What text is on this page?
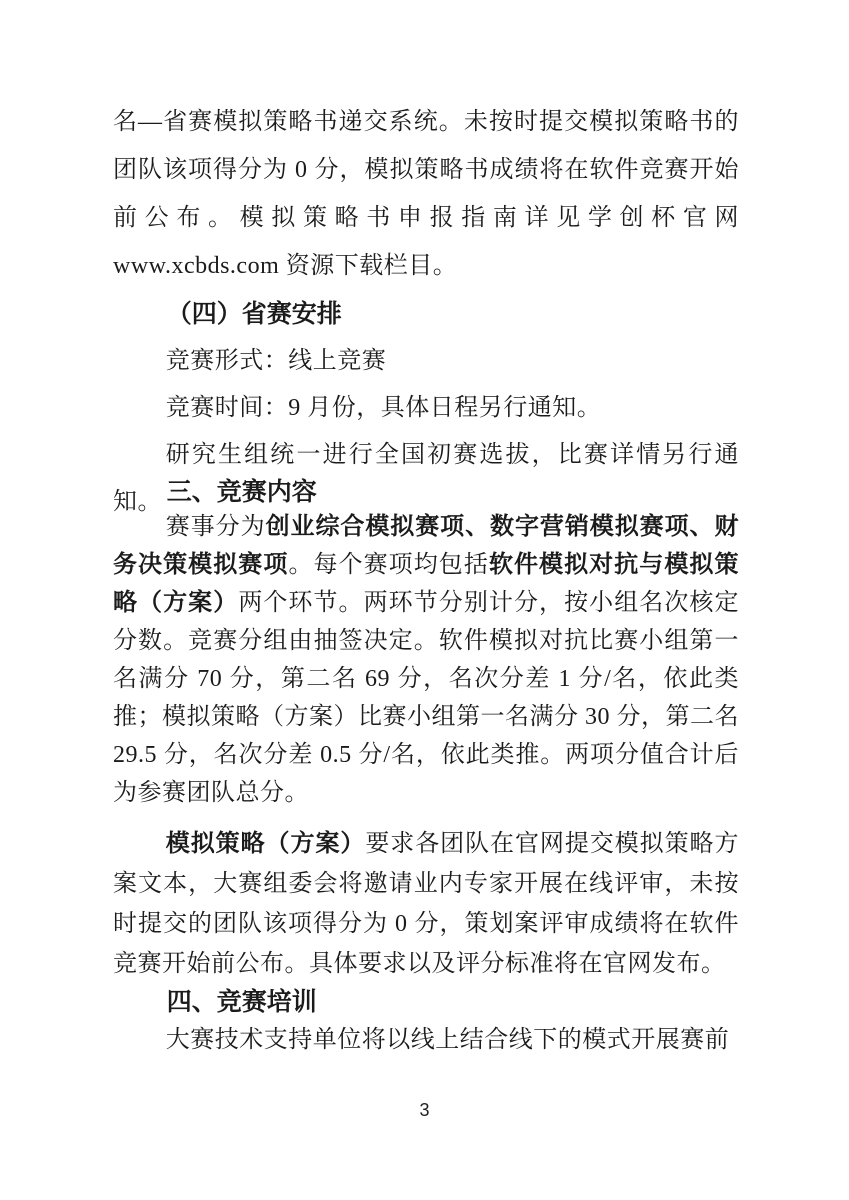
名—省赛模拟策略书递交系统。未按时提交模拟策略书的团队该项得分为 0 分，模拟策略书成绩将在软件竞赛开始前公布。模拟策略书申报指南详见学创杯官网 www.xcbds.com 资源下载栏目。

（四）省赛安排

竞赛形式：线上竞赛

竞赛时间：9 月份，具体日程另行通知。

研究生组统一进行全国初赛选拔，比赛详情另行通知。 三、竞赛内容

赛事分为创业综合模拟赛项、数字营销模拟赛项、财务决策模拟赛项。每个赛项均包括软件模拟对抗与模拟策略（方案）两个环节。两环节分别计分，按小组名次核定分数。竞赛分组由抽签决定。软件模拟对抗比赛小组第一名满分 70 分，第二名 69 分，名次分差 1 分/名，依此类推；模拟策略（方案）比赛小组第一名满分 30 分，第二名 29.5 分，名次分差 0.5 分/名，依此类推。两项分值合计后为参赛团队总分。

模拟策略（方案）要求各团队在官网提交模拟策略方案文本，大赛组委会将邀请业内专家开展在线评审，未按时提交的团队该项得分为 0 分，策划案评审成绩将在软件竞赛开始前公布。具体要求以及评分标准将在官网发布。

四、竞赛培训

大赛技术支持单位将以线上结合线下的模式开展赛前

3
